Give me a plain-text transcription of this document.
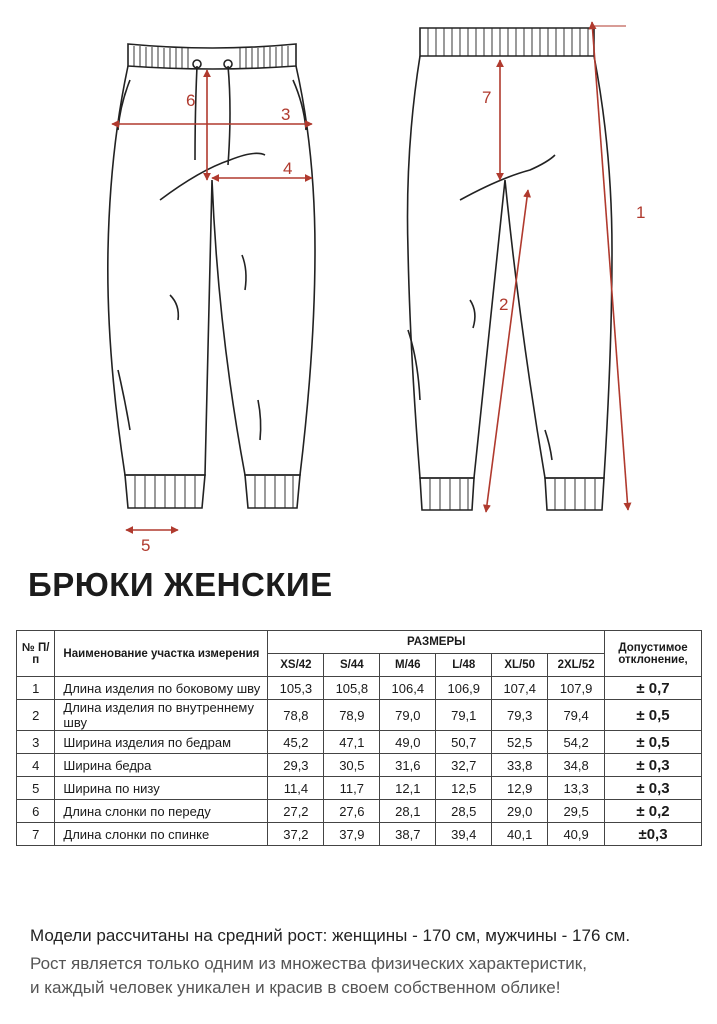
1
2
3
4
5
6	7
БРЮКИ ЖЕНСКИЕ
№ П/п	Наименование участка измерения	РАЗМЕРЫ						Допустимое отклонение,
		XS/42	S/44	M/46	L/48	XL/50	2XL/52	
1	Длина изделия по боковому шву	105,3	105,8	106,4	106,9	107,4	107,9	± 0,7
2	Длина изделия по внутреннему шву	78,8	78,9	79,0	79,1	79,3	79,4	± 0,5
3	Ширина изделия по бедрам	45,2	47,1	49,0	50,7	52,5	54,2	± 0,5
4	Ширина бедра	29,3	30,5	31,6	32,7	33,8	34,8	± 0,3
5	Ширина по низу	11,4	11,7	12,1	12,5	12,9	13,3	± 0,3
6	Длина слонки по переду	27,2	27,6	28,1	28,5	29,0	29,5	± 0,2
7	Длина слонки по спинке	37,2	37,9	38,7	39,4	40,1	40,9	±0,3
Модели рассчитаны на средний рост: женщины - 170 см, мужчины - 176 см.
Рост является только одним из множества физических характеристик,
и каждый человек уникален и красив в своем собственном облике!
